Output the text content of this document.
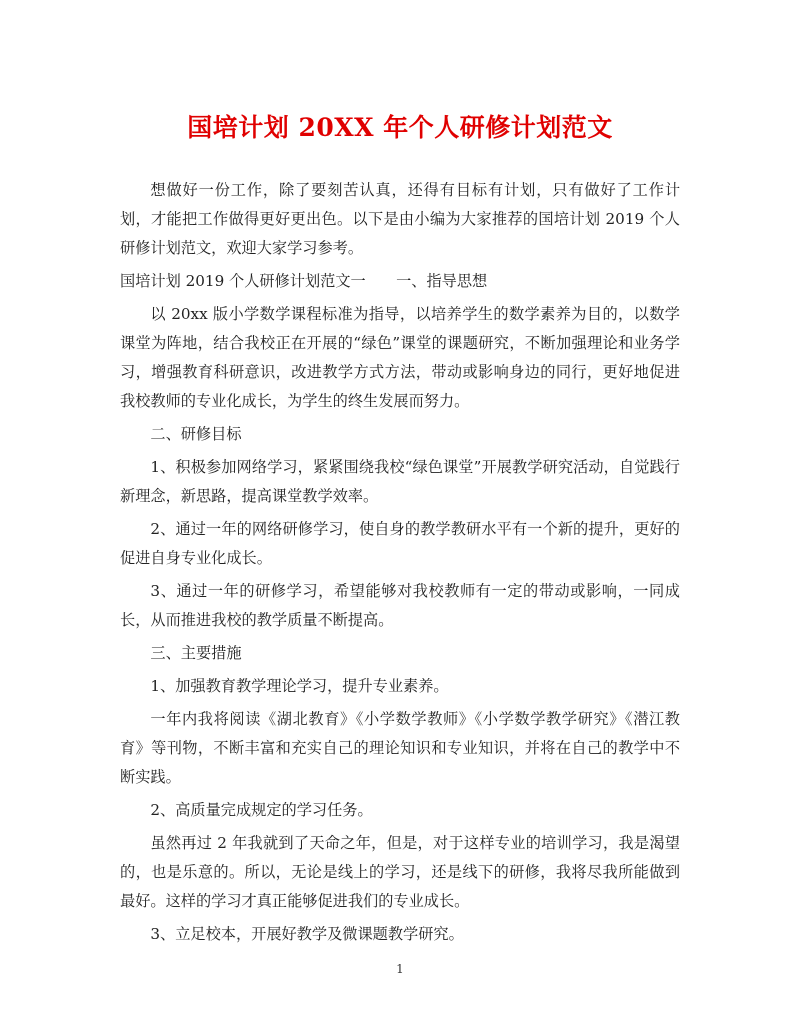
国培计划 20XX 年个人研修计划范文

想做好一份工作，除了要刻苦认真，还得有目标有计划，只有做好了工作计划，才能把工作做得更好更出色。以下是由小编为大家推荐的国培计划 2019 个人研修计划范文，欢迎大家学习参考。

国培计划 2019 个人研修计划范文一　　一、指导思想

以 20xx 版小学数学课程标准为指导，以培养学生的数学素养为目的，以数学课堂为阵地，结合我校正在开展的“绿色”课堂的课题研究，不断加强理论和业务学习，增强教育科研意识，改进教学方式方法，带动或影响身边的同行，更好地促进我校教师的专业化成长，为学生的终生发展而努力。

二、研修目标

1、积极参加网络学习，紧紧围绕我校“绿色课堂”开展教学研究活动，自觉践行新理念，新思路，提高课堂教学效率。

2、通过一年的网络研修学习，使自身的教学教研水平有一个新的提升，更好的促进自身专业化成长。

3、通过一年的研修学习，希望能够对我校教师有一定的带动或影响，一同成长，从而推进我校的教学质量不断提高。

三、主要措施

1、加强教育教学理论学习，提升专业素养。

一年内我将阅读《湖北教育》《小学数学教师》《小学数学教学研究》《潜江教育》等刊物，不断丰富和充实自己的理论知识和专业知识，并将在自己的教学中不断实践。

2、高质量完成规定的学习任务。

虽然再过 2 年我就到了天命之年，但是，对于这样专业的培训学习，我是渴望的，也是乐意的。所以，无论是线上的学习，还是线下的研修，我将尽我所能做到最好。这样的学习才真正能够促进我们的专业成长。

3、立足校本，开展好教学及微课题教学研究。

1
